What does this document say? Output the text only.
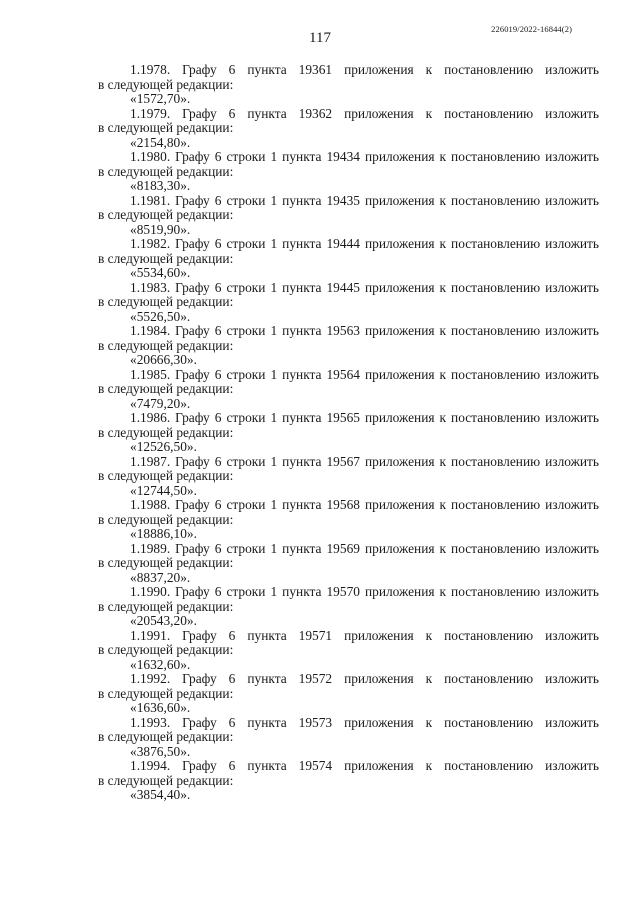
117
226019/2022-16844(2)
1.1978. Графу 6 пункта 19361 приложения к постановлению изложить
в следующей редакции:
«1572,70».
1.1979. Графу 6 пункта 19362 приложения к постановлению изложить
в следующей редакции:
«2154,80».
1.1980. Графу 6 строки 1 пункта 19434 приложения к постановлению изложить
в следующей редакции:
«8183,30».
1.1981. Графу 6 строки 1 пункта 19435 приложения к постановлению изложить
в следующей редакции:
«8519,90».
1.1982. Графу 6 строки 1 пункта 19444 приложения к постановлению изложить
в следующей редакции:
«5534,60».
1.1983. Графу 6 строки 1 пункта 19445 приложения к постановлению изложить
в следующей редакции:
«5526,50».
1.1984. Графу 6 строки 1 пункта 19563 приложения к постановлению изложить
в следующей редакции:
«20666,30».
1.1985. Графу 6 строки 1 пункта 19564 приложения к постановлению изложить
в следующей редакции:
«7479,20».
1.1986. Графу 6 строки 1 пункта 19565 приложения к постановлению изложить
в следующей редакции:
«12526,50».
1.1987. Графу 6 строки 1 пункта 19567 приложения к постановлению изложить
в следующей редакции:
«12744,50».
1.1988. Графу 6 строки 1 пункта 19568 приложения к постановлению изложить
в следующей редакции:
«18886,10».
1.1989. Графу 6 строки 1 пункта 19569 приложения к постановлению изложить
в следующей редакции:
«8837,20».
1.1990. Графу 6 строки 1 пункта 19570 приложения к постановлению изложить
в следующей редакции:
«20543,20».
1.1991. Графу 6 пункта 19571 приложения к постановлению изложить
в следующей редакции:
«1632,60».
1.1992. Графу 6 пункта 19572 приложения к постановлению изложить
в следующей редакции:
«1636,60».
1.1993. Графу 6 пункта 19573 приложения к постановлению изложить
в следующей редакции:
«3876,50».
1.1994. Графу 6 пункта 19574 приложения к постановлению изложить
в следующей редакции:
«3854,40».
